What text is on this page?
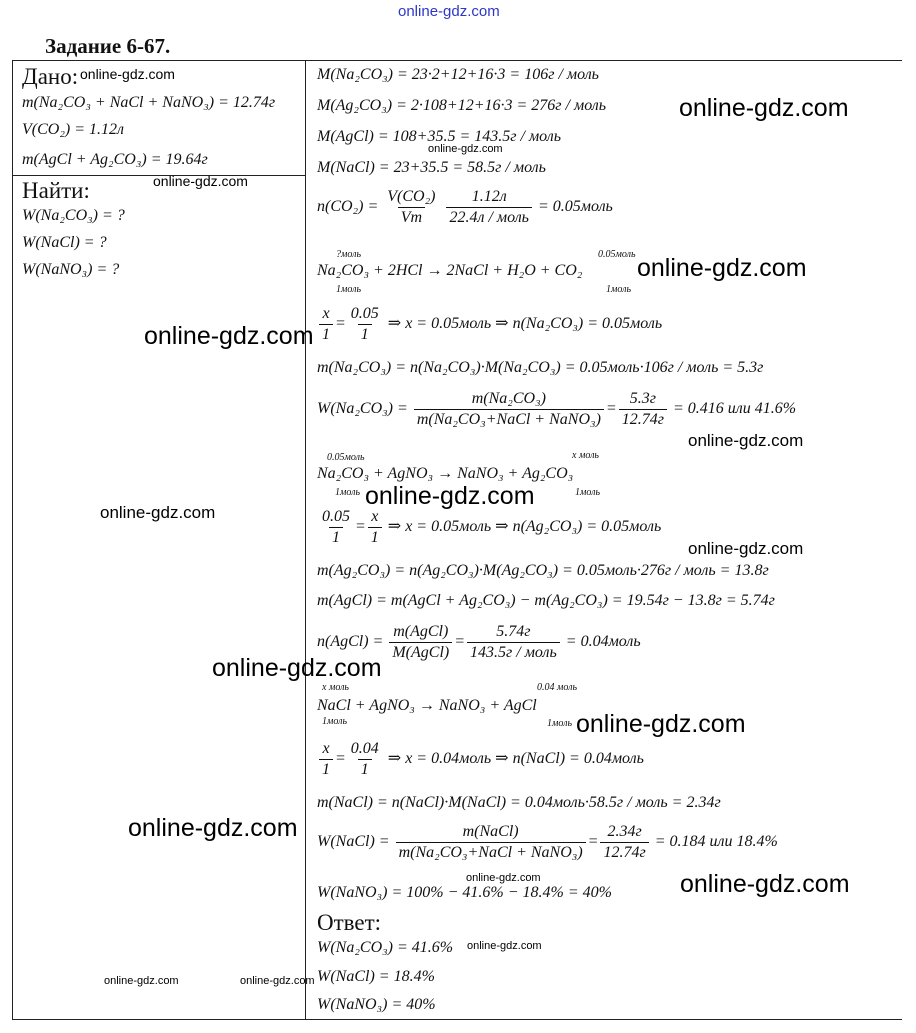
online-gdz.com
Задание 6-67.
Дано:
m(Na₂CO₃ + NaCl + NaNO₃) = 12.74г
V(CO₂) = 1.12л
m(AgCl + Ag₂CO₃) = 19.64г
Найти:
W(Na₂CO₃) = ?
W(NaCl) = ?
W(NaNO₃) = ?
M(Na₂CO₃) = 23·2+12+16·3 = 106г / моль
M(Ag₂CO₃) = 2·108+12+16·3 = 276г / моль
M(AgCl) = 108+35.5 = 143.5г / моль
M(NaCl) = 23+35.5 = 58.5г / моль
$n(CO_2) = \frac{\text{V(CO₂)}}{Vm}$
$\frac{1.12л}{\text{22.4л / моль}}$ = 0.05моль
?моль	0.05моль
Na₂CO₃ + 2HCl → 2NaCl + H₂O + CO₂
1моль	1моль
$\frac{x}{1} = \frac{0.05}{1}$ ⇒ x = 0.05моль ⇒ n(Na₂CO₃) = 0.05моль
m(Na₂CO₃) = n(Na₂CO₃)·M(Na₂CO₃) = 0.05моль·106г / моль = 5.3г
$W(Na_2CO_3) = \frac{\text{m(Na₂CO₃)}}{\text{m(Na₂CO₃+NaCl + NaNO₃)}} = \frac{5.3г}{12.74г} = 0.416$ или 41.6%
0.05моль	x моль
Na₂CO₃ + AgNO₃ → NaNO₃ + Ag₂CO₃
1моль	1моль
$\frac{0.05}{1} = \frac{x}{1}$ ⇒ x = 0.05моль ⇒ n(Ag₂CO₃) = 0.05моль
m(Ag₂CO₃) = n(Ag₂CO₃)·M(Ag₂CO₃) = 0.05моль·276г / моль = 13.8г
m(AgCl) = m(AgCl + Ag₂CO₃) − m(Ag₂CO₃) = 19.54г − 13.8г = 5.74г
n(AgCl) = $\frac{\text{m(AgCl)}}{\text{M(AgCl)}} = \frac{5.74г}{\text{143.5г / моль}}$ = 0.04моль
x моль	0.04 моль
NaCl + AgNO₃ → NaNO₃ + AgCl
1моль	1моль
$\frac{x}{1} = \frac{0.04}{1}$ ⇒ x = 0.04моль ⇒ n(NaCl) = 0.04моль
m(NaCl) = n(NaCl)·M(NaCl) = 0.04моль·58.5г / моль = 2.34г
W(NaCl) = $\frac{\text{m(NaCl)}}{\text{m(Na₂CO₃+NaCl + NaNO₃)}} = \frac{2.34г}{12.74г} = 0.184$ или 18.4%
W(NaNO₃) = 100% − 41.6% − 18.4% = 40%
Ответ:
W(Na₂CO₃) = 41.6%
W(NaCl) = 18.4%
W(NaNO₃) = 40%
online-gdz.com
online-gdz.com
online-gdz.com
online-gdz.com
online-gdz.com
online-gdz.com
online-gdz.com	online-gdz.com
online-gdz.com
online-gdz.com
online-gdz.com
online-gdz.com
online-gdz.com
online-gdz.com
online-gdz.com
online-gdz.com	online-gdz.com
online-gdz.com
